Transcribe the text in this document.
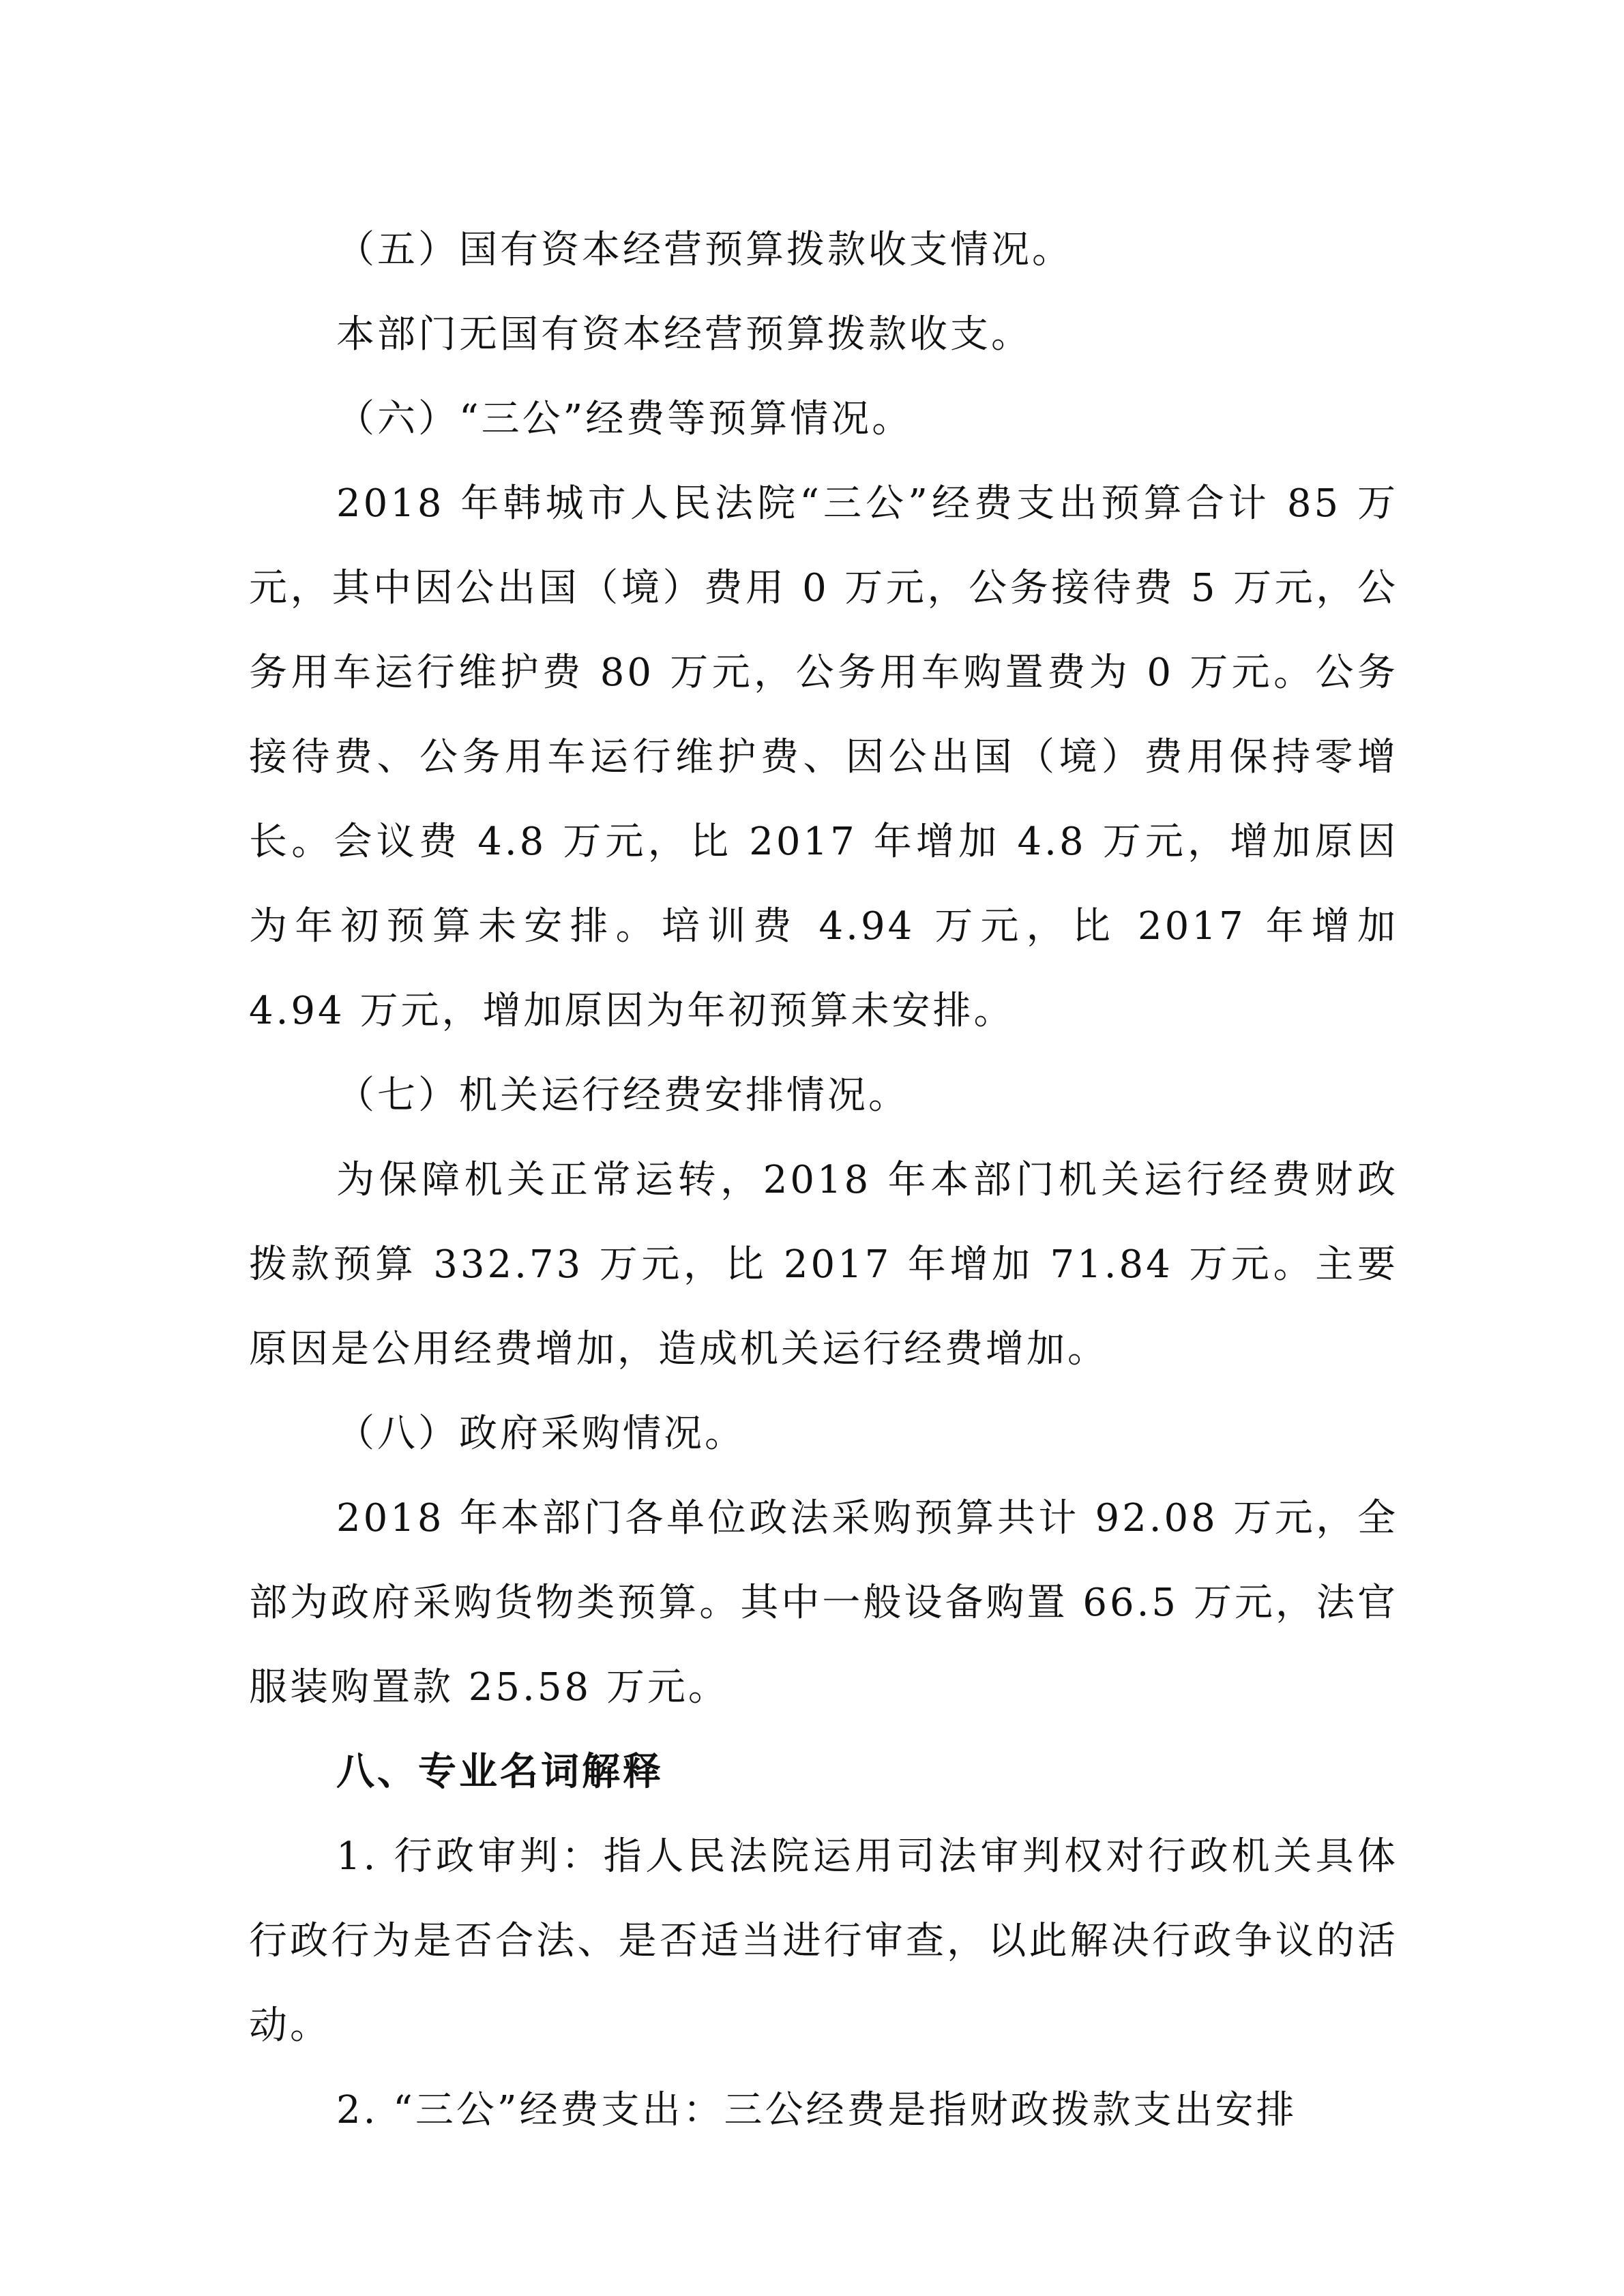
（五）国有资本经营预算拨款收支情况。

本部门无国有资本经营预算拨款收支。

（六）“三公”经费等预算情况。

2018 年韩城市人民法院“三公”经费支出预算合计 85 万元，其中因公出国（境）费用 0 万元，公务接待费 5 万元，公务用车运行维护费 80 万元，公务用车购置费为 0 万元。公务接待费、公务用车运行维护费、因公出国（境）费用保持零增长。会议费 4.8 万元，比 2017 年增加 4.8 万元，增加原因为年初预算未安排。培训费 4.94 万元，比 2017 年增加 4.94 万元，增加原因为年初预算未安排。

（七）机关运行经费安排情况。

为保障机关正常运转，2018 年本部门机关运行经费财政拨款预算 332.73 万元，比 2017 年增加 71.84 万元。主要原因是公用经费增加，造成机关运行经费增加。

（八）政府采购情况。

2018 年本部门各单位政法采购预算共计 92.08 万元，全部为政府采购货物类预算。其中一般设备购置 66.5 万元，法官服装购置款 25.58 万元。

八、专业名词解释

1. 行政审判：指人民法院运用司法审判权对行政机关具体行政行为是否合法、是否适当进行审查，以此解决行政争议的活动。

2. “三公”经费支出：三公经费是指财政拨款支出安排
